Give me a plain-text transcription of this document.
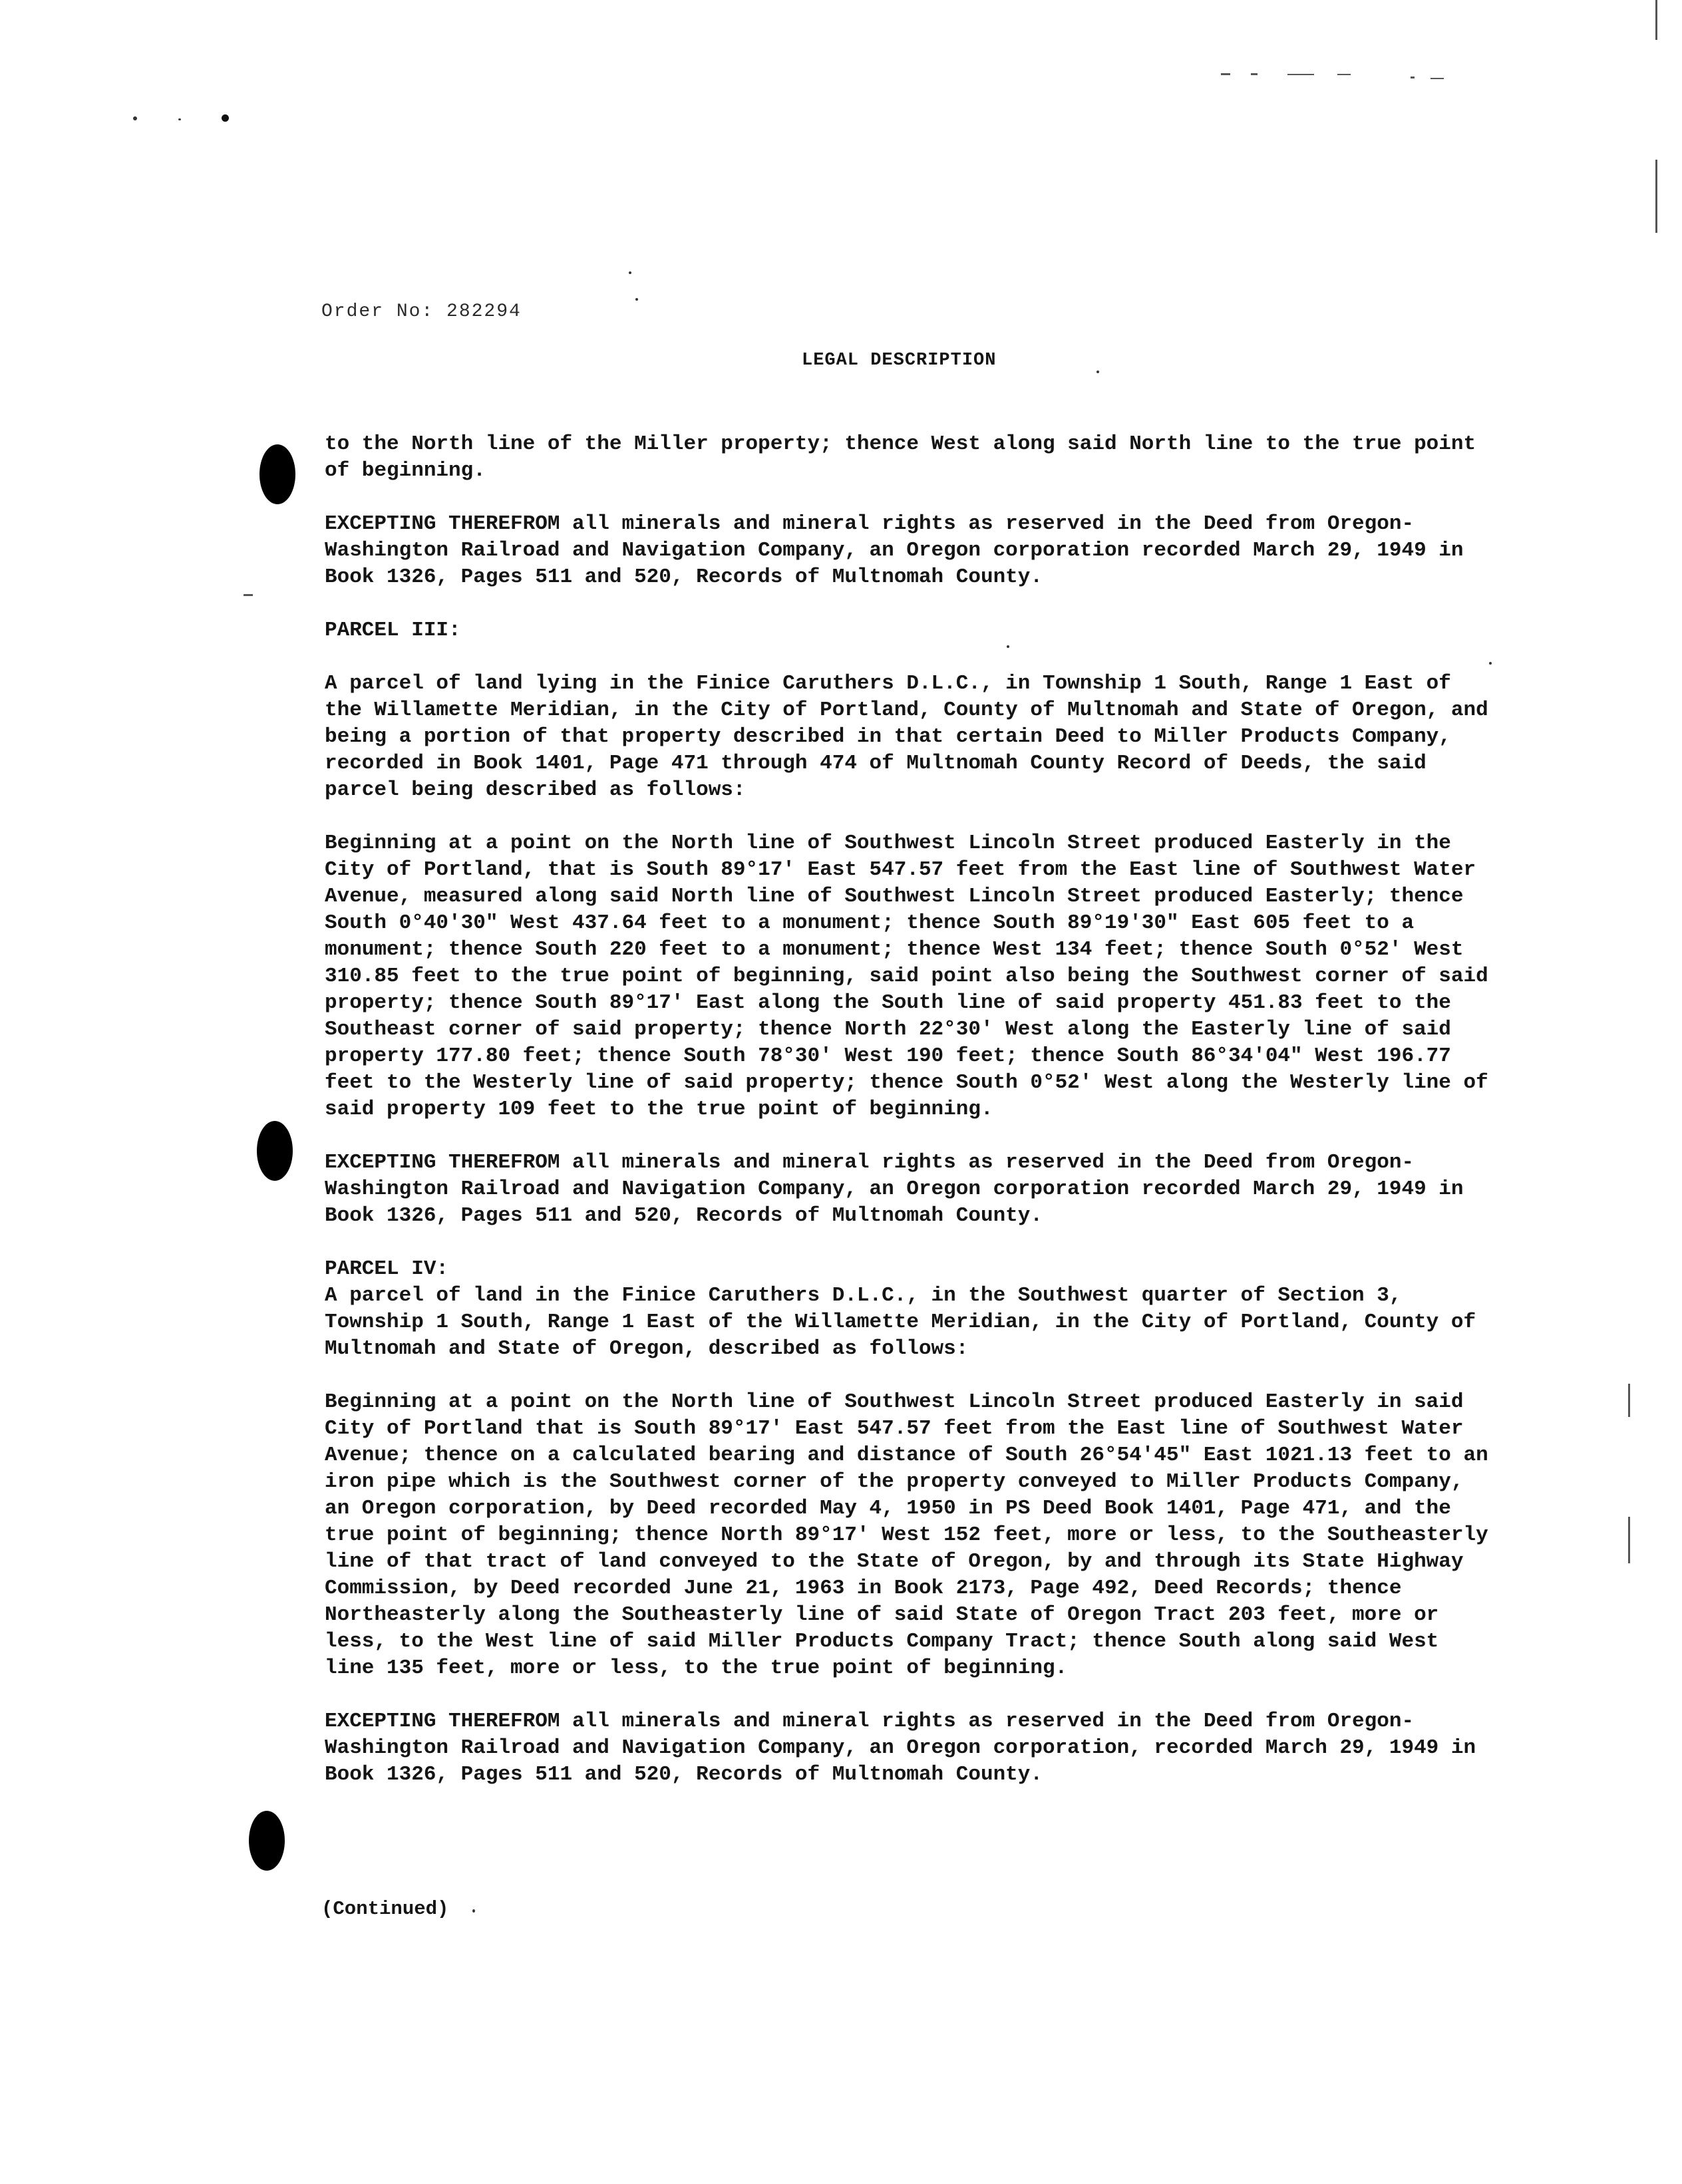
Order No: 282294
LEGAL DESCRIPTION

to the North line of the Miller property; thence West along said North line to the true point of beginning.

EXCEPTING THEREFROM all minerals and mineral rights as reserved in the Deed from Oregon-Washington Railroad and Navigation Company, an Oregon corporation recorded March 29, 1949 in Book 1326, Pages 511 and 520, Records of Multnomah County.

PARCEL III:

A parcel of land lying in the Finice Caruthers D.L.C., in Township 1 South, Range 1 East of the Willamette Meridian, in the City of Portland, County of Multnomah and State of Oregon, and being a portion of that property described in that certain Deed to Miller Products Company, recorded in Book 1401, Page 471 through 474 of Multnomah County Record of Deeds, the said parcel being described as follows:

Beginning at a point on the North line of Southwest Lincoln Street produced Easterly in the City of Portland, that is South 89°17' East 547.57 feet from the East line of Southwest Water Avenue, measured along said North line of Southwest Lincoln Street produced Easterly; thence South 0°40'30" West 437.64 feet to a monument; thence South 89°19'30" East 605 feet to a monument; thence South 220 feet to a monument; thence West 134 feet; thence South 0°52' West 310.85 feet to the true point of beginning, said point also being the Southwest corner of said property; thence South 89°17' East along the South line of said property 451.83 feet to the Southeast corner of said property; thence North 22°30' West along the Easterly line of said property 177.80 feet; thence South 78°30' West 190 feet; thence South 86°34'04" West 196.77 feet to the Westerly line of said property; thence South 0°52' West along the Westerly line of said property 109 feet to the true point of beginning.

EXCEPTING THEREFROM all minerals and mineral rights as reserved in the Deed from Oregon-Washington Railroad and Navigation Company, an Oregon corporation recorded March 29, 1949 in Book 1326, Pages 511 and 520, Records of Multnomah County.

PARCEL IV:

A parcel of land in the Finice Caruthers D.L.C., in the Southwest quarter of Section 3, Township 1 South, Range 1 East of the Willamette Meridian, in the City of Portland, County of Multnomah and State of Oregon, described as follows:

Beginning at a point on the North line of Southwest Lincoln Street produced Easterly in said City of Portland that is South 89°17' East 547.57 feet from the East line of Southwest Water Avenue; thence on a calculated bearing and distance of South 26°54'45" East 1021.13 feet to an iron pipe which is the Southwest corner of the property conveyed to Miller Products Company, an Oregon corporation, by Deed recorded May 4, 1950 in PS Deed Book 1401, Page 471, and the true point of beginning; thence North 89°17' West 152 feet, more or less, to the Southeasterly line of that tract of land conveyed to the State of Oregon, by and through its State Highway Commission, by Deed recorded June 21, 1963 in Book 2173, Page 492, Deed Records; thence Northeasterly along the Southeasterly line of said State of Oregon Tract 203 feet, more or less, to the West line of said Miller Products Company Tract; thence South along said West line 135 feet, more or less, to the true point of beginning.

EXCEPTING THEREFROM all minerals and mineral rights as reserved in the Deed from Oregon-Washington Railroad and Navigation Company, an Oregon corporation, recorded March 29, 1949 in Book 1326, Pages 511 and 520, Records of Multnomah County.

(Continued)
